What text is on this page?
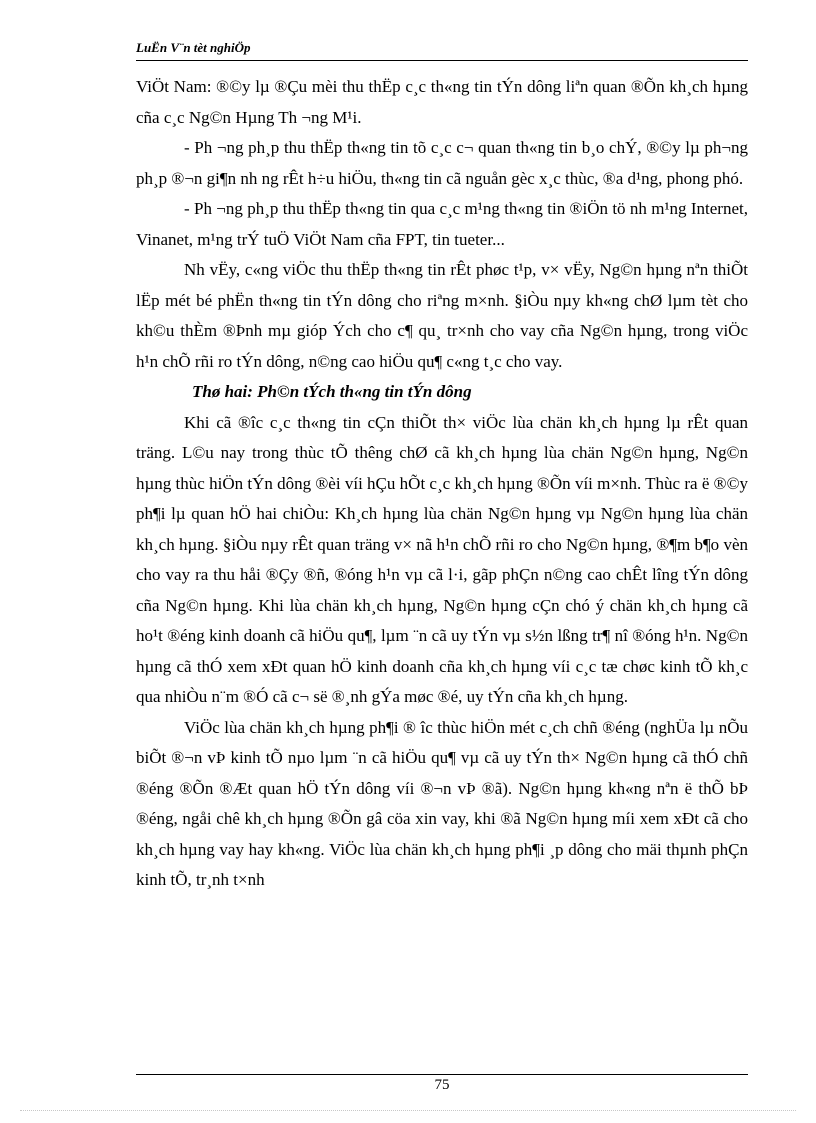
LuËn V¨n tèt nghiÖp

ViÖt Nam: ®©y lµ ®Çu mèi thu thËp c¸c th«ng tin tÝn dông liªn quan ®Õn kh¸ch hµng cña c¸c Ng©n Hµng Th ¬ng M¹i.

- Ph ¬ng ph¸p thu thËp th«ng tin tõ c¸c c¬ quan th«ng tin b¸o chÝ, ®©y lµ ph¬ng ph¸p ®¬n gi¶n nh ng rÊt h÷u hiÖu, th«ng tin cã nguån gèc x¸c thùc, ®a d¹ng, phong phó.

- Ph ¬ng ph¸p thu thËp th«ng tin qua c¸c m¹ng th«ng tin ®iÖn tö nh m¹ng Internet, Vinanet, m¹ng trÝ tuÖ ViÖt Nam cña FPT, tin tueter...

Nh vËy, c«ng viÖc thu thËp th«ng tin rÊt phøc t¹p, v× vËy, Ng©n hµng nªn thiÕt lËp mét bé phËn th«ng tin tÝn dông cho riªng m×nh. §iÒu nµy kh«ng chØ lµm tèt cho kh©u thÈm ®Þnh mµ gióp Ých cho c¶ qu¸ tr×nh cho vay cña Ng©n hµng, trong viÖc h¹n chÕ rñi ro tÝn dông, n©ng cao hiÖu qu¶ c«ng t¸c cho vay.

Thø hai: Ph©n tÝch th«ng tin tÝn dông

Khi cã ®îc c¸c th«ng tin cÇn thiÕt th× viÖc lùa chän kh¸ch hµng lµ rÊt quan träng. L©u nay trong thùc tÕ thêng chØ cã kh¸ch hµng lùa chän Ng©n hµng, Ng©n hµng thùc hiÖn tÝn dông ®èi víi hÇu hÕt c¸c kh¸ch hµng ®Õn víi m×nh. Thùc ra ë ®©y ph¶i lµ quan hÖ hai chiÒu: Kh¸ch hµng lùa chän Ng©n hµng vµ Ng©n hµng lùa chän kh¸ch hµng. §iÒu nµy rÊt quan träng v× nã h¹n chÕ rñi ro cho Ng©n hµng, ®¶m b¶o vèn cho vay ra thu håi ®Çy ®ñ, ®óng h¹n vµ cã l·i, gãp phÇn n©ng cao chÊt lîng tÝn dông cña Ng©n hµng. Khi lùa chän kh¸ch hµng, Ng©n hµng cÇn chó ý chän kh¸ch hµng cã ho¹t ®éng kinh doanh cã hiÖu qu¶, lµm ¨n cã uy tÝn vµ s½n lßng tr¶ nî ®óng h¹n. Ng©n hµng cã thÓ xem xÐt quan hÖ kinh doanh cña kh¸ch hµng víi c¸c tæ chøc kinh tÕ kh¸c qua nhiÒu n¨m ®Ó cã c¬ së ®¸nh gÝa møc ®é, uy tÝn cña kh¸ch hµng.

ViÖc lùa chän kh¸ch hµng ph¶i ® îc thùc hiÖn mét c¸ch chñ ®éng (nghÜa lµ nÕu biÕt ®¬n vÞ kinh tÕ nµo lµm ¨n cã hiÖu qu¶ vµ cã uy tÝn th× Ng©n hµng cã thÓ chñ ®éng ®Õn ®Æt quan hÖ tÝn dông víi ®¬n vÞ ®ã). Ng©n hµng kh«ng nªn ë thÕ bÞ ®éng, ngåi chê kh¸ch hµng ®Õn gâ cöa xin vay, khi ®ã Ng©n hµng míi xem xÐt cã cho kh¸ch hµng vay hay kh«ng. ViÖc lùa chän kh¸ch hµng ph¶i ¸p dông cho mäi thµnh phÇn kinh tÕ, tr¸nh t×nh

75
